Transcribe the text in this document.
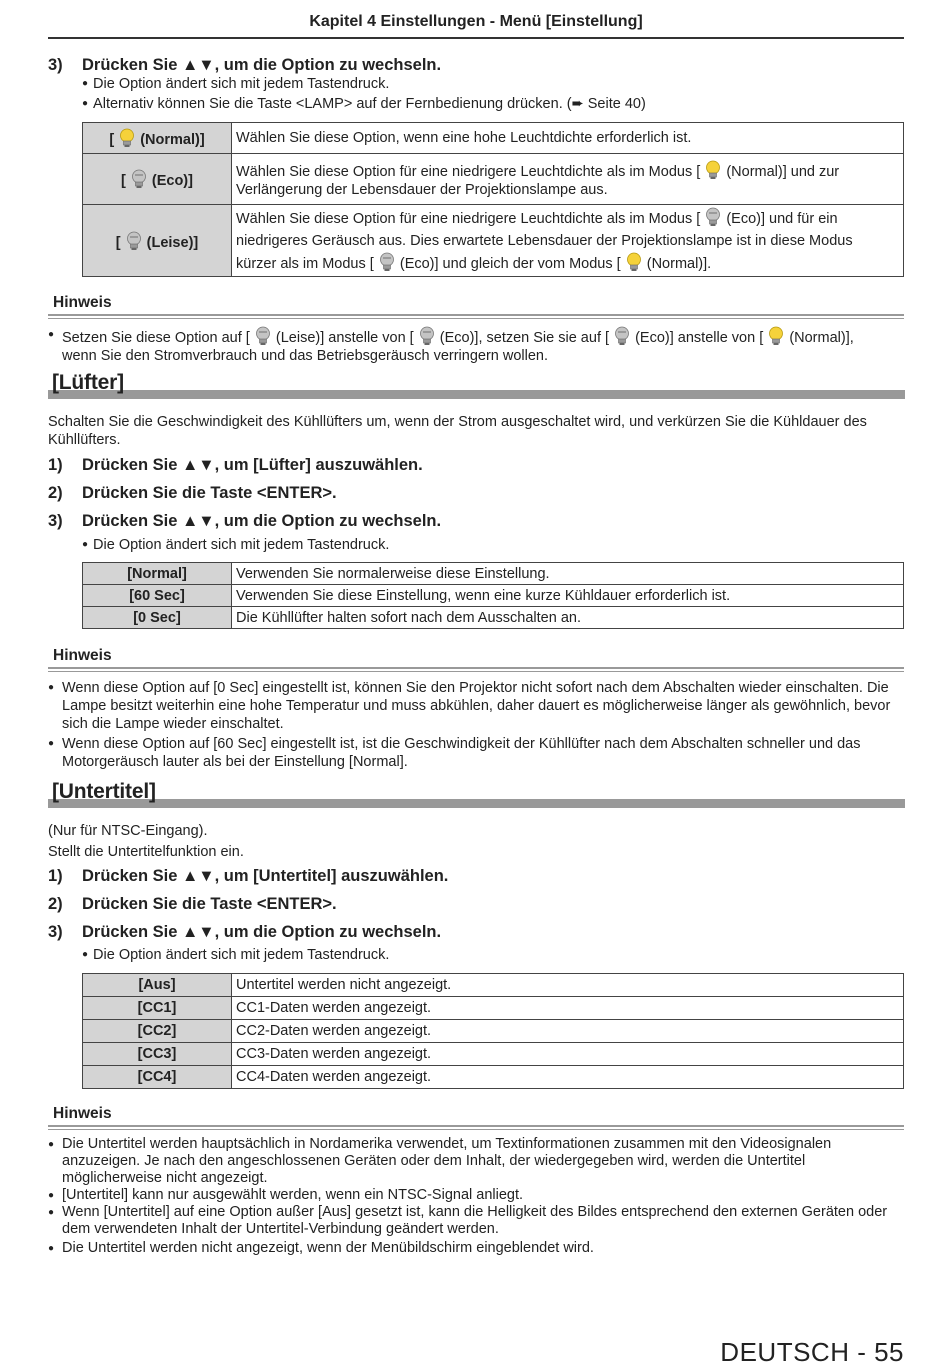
Kapitel 4 Einstellungen - Menü [Einstellung]
3) Drücken Sie ▲▼, um die Option zu wechseln.
● Die Option ändert sich mit jedem Tastendruck.
● Alternativ können Sie die Taste <LAMP> auf der Fernbedienung drücken. (➨ Seite 40)
[  (Normal)]	Wählen Sie diese Option, wenn eine hohe Leuchtdichte erforderlich ist.
[  (Eco)]	Wählen Sie diese Option für eine niedrigere Leuchtdichte als im Modus [ (Normal)] und zur
Verlängerung der Lebensdauer der Projektionslampe aus.
[  (Leise)]	Wählen Sie diese Option für eine niedrigere Leuchtdichte als im Modus [ (Eco)] und für ein
niedrigeres Geräusch aus. Dies erwartete Lebensdauer der Projektionslampe ist in diese Modus
kürzer als im Modus [ (Eco)] und gleich der vom Modus [ (Normal)].
Hinweis
● Setzen Sie diese Option auf [ (Leise)] anstelle von [ (Eco)], setzen Sie sie auf [ (Eco)] anstelle von [ (Normal)],
wenn Sie den Stromverbrauch und das Betriebsgeräusch verringern wollen.
[Lüfter]
Schalten Sie die Geschwindigkeit des Kühllüfters um, wenn der Strom ausgeschaltet wird, und verkürzen Sie die Kühldauer des Kühllüfters.
1) Drücken Sie ▲▼, um [Lüfter] auszuwählen.
2) Drücken Sie die Taste <ENTER>.
3) Drücken Sie ▲▼, um die Option zu wechseln.
● Die Option ändert sich mit jedem Tastendruck.
[Normal]	Verwenden Sie normalerweise diese Einstellung.
[60 Sec]	Verwenden Sie diese Einstellung, wenn eine kurze Kühldauer erforderlich ist.
[0 Sec]	Die Kühllüfter halten sofort nach dem Ausschalten an.
Hinweis
● Wenn diese Option auf [0 Sec] eingestellt ist, können Sie den Projektor nicht sofort nach dem Abschalten wieder einschalten. Die Lampe besitzt weiterhin eine hohe Temperatur und muss abkühlen, daher dauert es möglicherweise länger als gewöhnlich, bevor sich die Lampe wieder einschaltet.
● Wenn diese Option auf [60 Sec] eingestellt ist, ist die Geschwindigkeit der Kühllüfter nach dem Abschalten schneller und das Motorgeräusch lauter als bei der Einstellung [Normal].
[Untertitel]
(Nur für NTSC-Eingang).
Stellt die Untertitelfunktion ein.
1) Drücken Sie ▲▼, um [Untertitel] auszuwählen.
2) Drücken Sie die Taste <ENTER>.
3) Drücken Sie ▲▼, um die Option zu wechseln.
● Die Option ändert sich mit jedem Tastendruck.
[Aus]	Untertitel werden nicht angezeigt.
[CC1]	CC1-Daten werden angezeigt.
[CC2]	CC2-Daten werden angezeigt.
[CC3]	CC3-Daten werden angezeigt.
[CC4]	CC4-Daten werden angezeigt.
Hinweis
● Die Untertitel werden hauptsächlich in Nordamerika verwendet, um Textinformationen zusammen mit den Videosignalen anzuzeigen. Je nach den angeschlossenen Geräten oder dem Inhalt, der wiedergegeben wird, werden die Untertitel möglicherweise nicht angezeigt.
● [Untertitel] kann nur ausgewählt werden, wenn ein NTSC-Signal anliegt.
● Wenn [Untertitel] auf eine Option außer [Aus] gesetzt ist, kann die Helligkeit des Bildes entsprechend den externen Geräten oder dem verwendeten Inhalt der Untertitel-Verbindung geändert werden.
● Die Untertitel werden nicht angezeigt, wenn der Menübildschirm eingeblendet wird.
DEUTSCH - 55
